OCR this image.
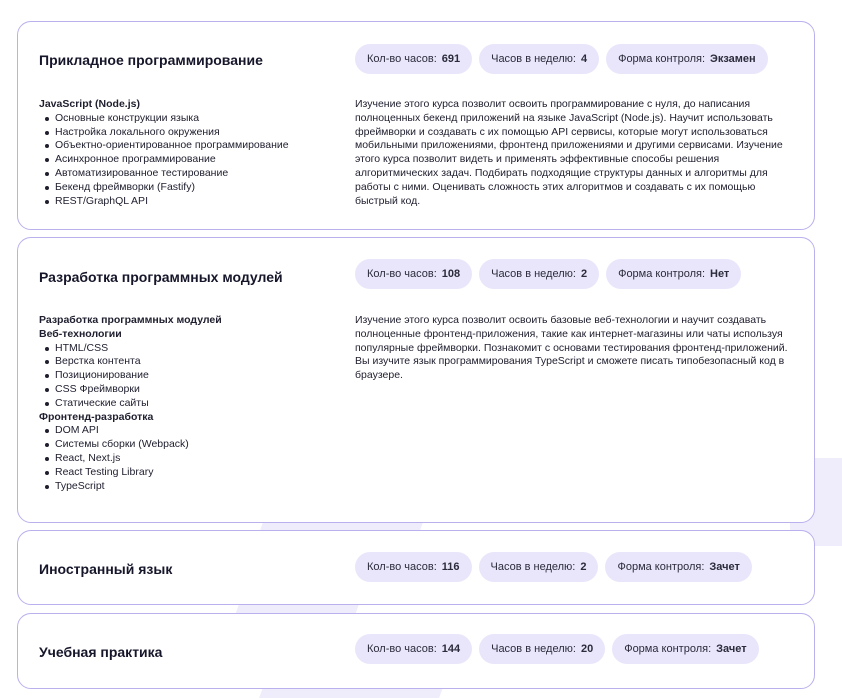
Прикладное программирование	Кол-во часов: 691	Часов в неделю: 4	Форма контроля: Экзамен
JavaScript (Node.js)
Основные конструкции языка
Настройка локального окружения
Объектно-ориентированное программирование
Асинхронное программирование
Автоматизированное тестирование
Бекенд фреймворки (Fastify)
REST/GraphQL API
Изучение этого курса позволит освоить программирование с нуля, до написания полноценных бекенд приложений на языке JavaScript (Node.js). Научит использовать фреймворки и создавать с их помощью API сервисы, которые могут использоваться мобильными приложениями, фронтенд приложениями и другими сервисами. Изучение этого курса позволит видеть и применять эффективные способы решения алгоритмических задач. Подбирать подходящие структуры данных и алгоритмы для работы с ними. Оценивать сложность этих алгоритмов и создавать с их помощью быстрый код.
Разработка программных модулей	Кол-во часов: 108	Часов в неделю: 2	Форма контроля: Нет
Разработка программных модулей
Веб-технологии
HTML/CSS
Верстка контента
Позиционирование
CSS Фреймворки
Статические сайты
Фронтенд-разработка
DOM API
Системы сборки (Webpack)
React, Next.js
React Testing Library
TypeScript
Изучение этого курса позволит освоить базовые веб-технологии и научит создавать полноценные фронтенд-приложения, такие как интернет-магазины или чаты используя популярные фреймворки. Познакомит с основами тестирования фронтенд-приложений. Вы изучите язык программирования TypeScript и сможете писать типобезопасный код в браузере.
Иностранный язык	Кол-во часов: 116	Часов в неделю: 2	Форма контроля: Зачет
Учебная практика	Кол-во часов: 144	Часов в неделю: 20	Форма контроля: Зачет
